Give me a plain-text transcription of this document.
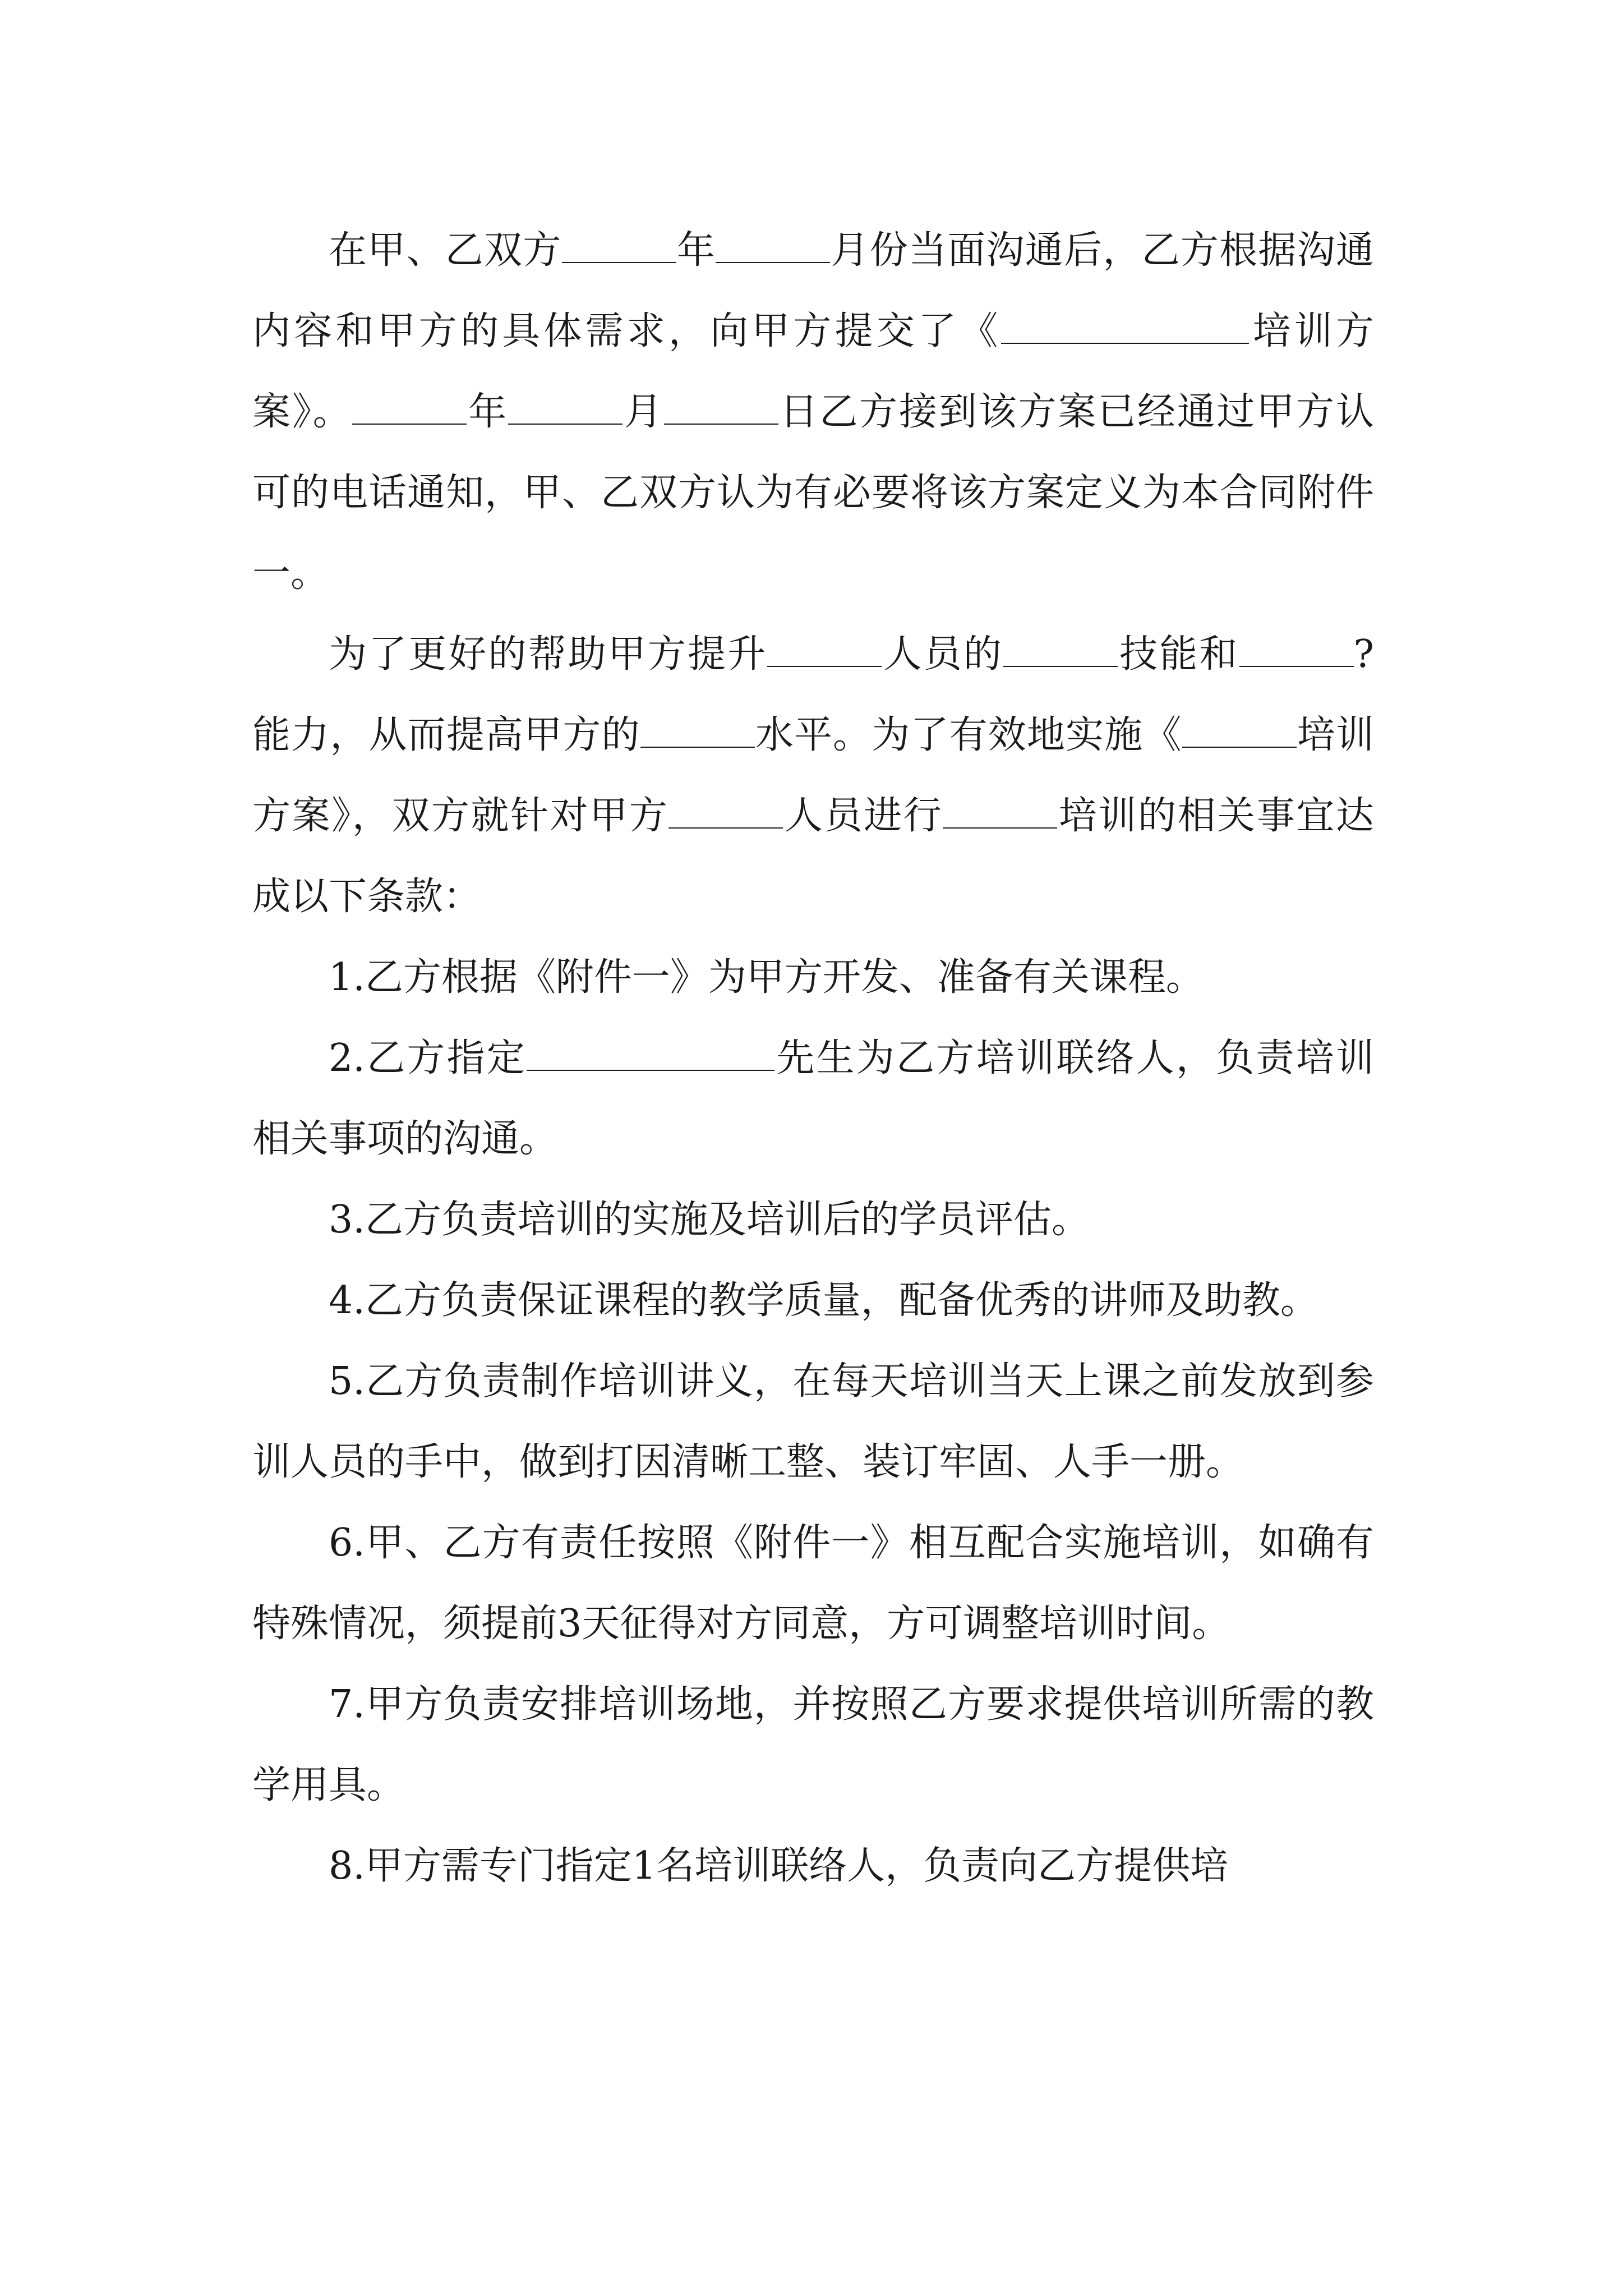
在甲、乙双方	年	月份当面沟通后，乙方根据沟通内容和甲方的具体需求，向甲方提交了《	培训方案》。	年	月	日乙方接到该方案已经通过甲方认可的电话通知，甲、乙双方认为有必要将该方案定义为本合同附件一。

为了更好的帮助甲方提升	人员的	技能和	?能力，从而提高甲方的	水平。为了有效地实施《	培训方案》，双方就针对甲方	人员进行	培训的相关事宜达成以下条款：

1.乙方根据《附件一》为甲方开发、准备有关课程。

2.乙方指定	先生为乙方培训联络人，负责培训相关事项的沟通。

3.乙方负责培训的实施及培训后的学员评估。

4.乙方负责保证课程的教学质量，配备优秀的讲师及助教。

5.乙方负责制作培训讲义，在每天培训当天上课之前发放到参训人员的手中，做到打因清晰工整、装订牢固、人手一册。

6.甲、乙方有责任按照《附件一》相互配合实施培训，如确有特殊情况，须提前3天征得对方同意，方可调整培训时间。

7.甲方负责安排培训场地，并按照乙方要求提供培训所需的教学用具。

8.甲方需专门指定1名培训联络人，负责向乙方提供培
